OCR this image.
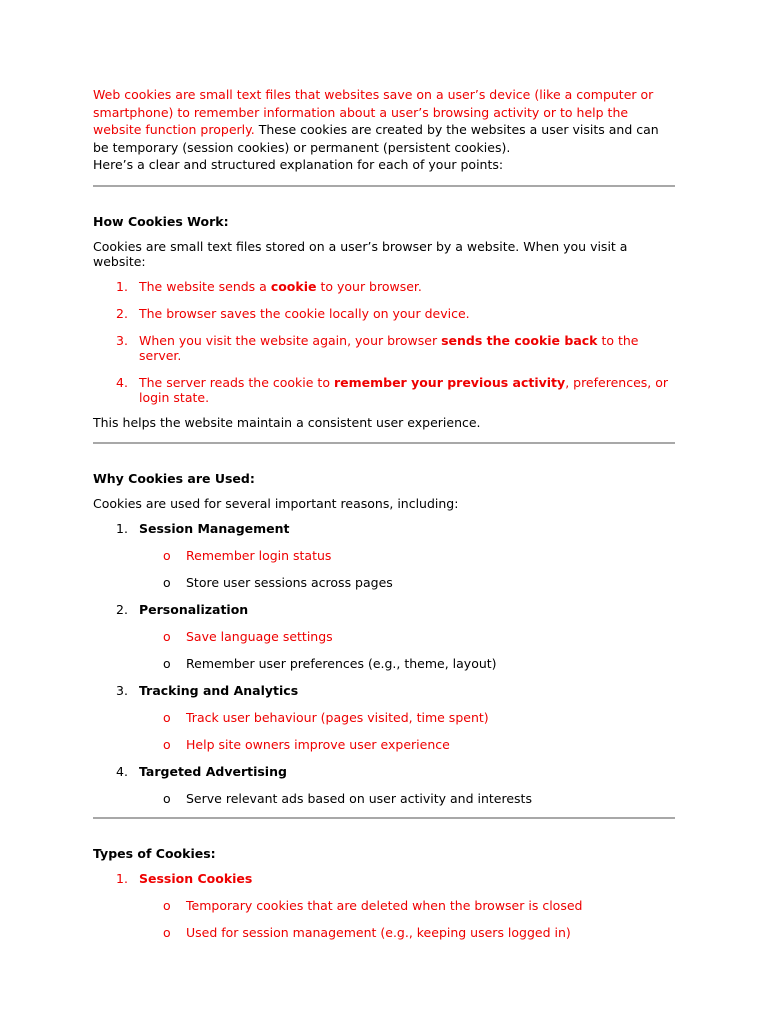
Web cookies are small text files that websites save on a user’s device (like a computer or smartphone) to remember information about a user’s browsing activity or to help the website function properly. These cookies are created by the websites a user visits and can be temporary (session cookies) or permanent (persistent cookies).

Here’s a clear and structured explanation for each of your points:

How Cookies Work:

Cookies are small text files stored on a user’s browser by a website. When you visit a website:

1. The website sends a cookie to your browser.
2. The browser saves the cookie locally on your device.
3. When you visit the website again, your browser sends the cookie back to the server.
4. The server reads the cookie to remember your previous activity, preferences, or login state.

This helps the website maintain a consistent user experience.

Why Cookies are Used:

Cookies are used for several important reasons, including:

1. Session Management
o Remember login status
o Store user sessions across pages
2. Personalization
o Save language settings
o Remember user preferences (e.g., theme, layout)
3. Tracking and Analytics
o Track user behaviour (pages visited, time spent)
o Help site owners improve user experience
4. Targeted Advertising
o Serve relevant ads based on user activity and interests

Types of Cookies:

1. Session Cookies
o Temporary cookies that are deleted when the browser is closed
o Used for session management (e.g., keeping users logged in)
